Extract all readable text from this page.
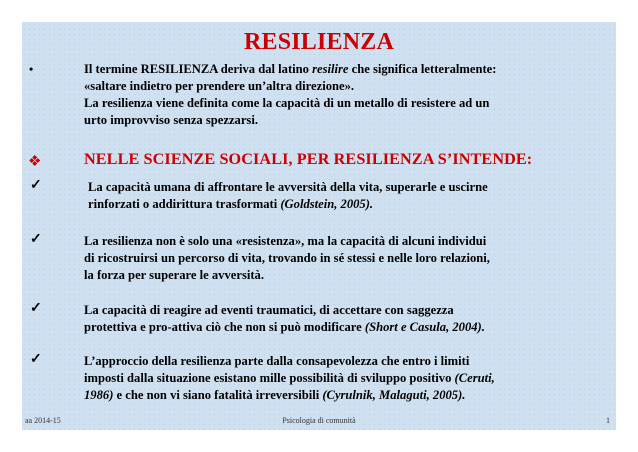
RESILIENZA
•	Il termine RESILIENZA deriva dal latino resilire che significa letteralmente:
«saltare indietro per prendere un’altra direzione».
La resilienza viene definita come la capacità di un metallo di resistere ad un
urto improvviso senza spezzarsi.
❖	NELLE SCIENZE SOCIALI, PER RESILIENZA S’INTENDE:
✓	La capacità umana di affrontare le avversità della vita, superarle e uscirne
rinforzati o addirittura trasformati (Goldstein, 2005).
✓	La resilienza non è solo una «resistenza», ma la capacità di alcuni individui
di ricostruirsi un percorso di vita, trovando in sé stessi e nelle loro relazioni,
la forza per superare le avversità.
✓	La capacità di reagire ad eventi traumatici, di accettare con saggezza
protettiva e pro-attiva ciò che non si può modificare (Short e Casula, 2004).
✓	L’approccio della resilienza parte dalla consapevolezza che entro i limiti
imposti dalla situazione esistano mille possibilità di sviluppo positivo (Ceruti,
1986) e che non vi siano fatalità irreversibili (Cyrulnik, Malaguti, 2005).
aa 2014-15	Psicologia di comunità	1
